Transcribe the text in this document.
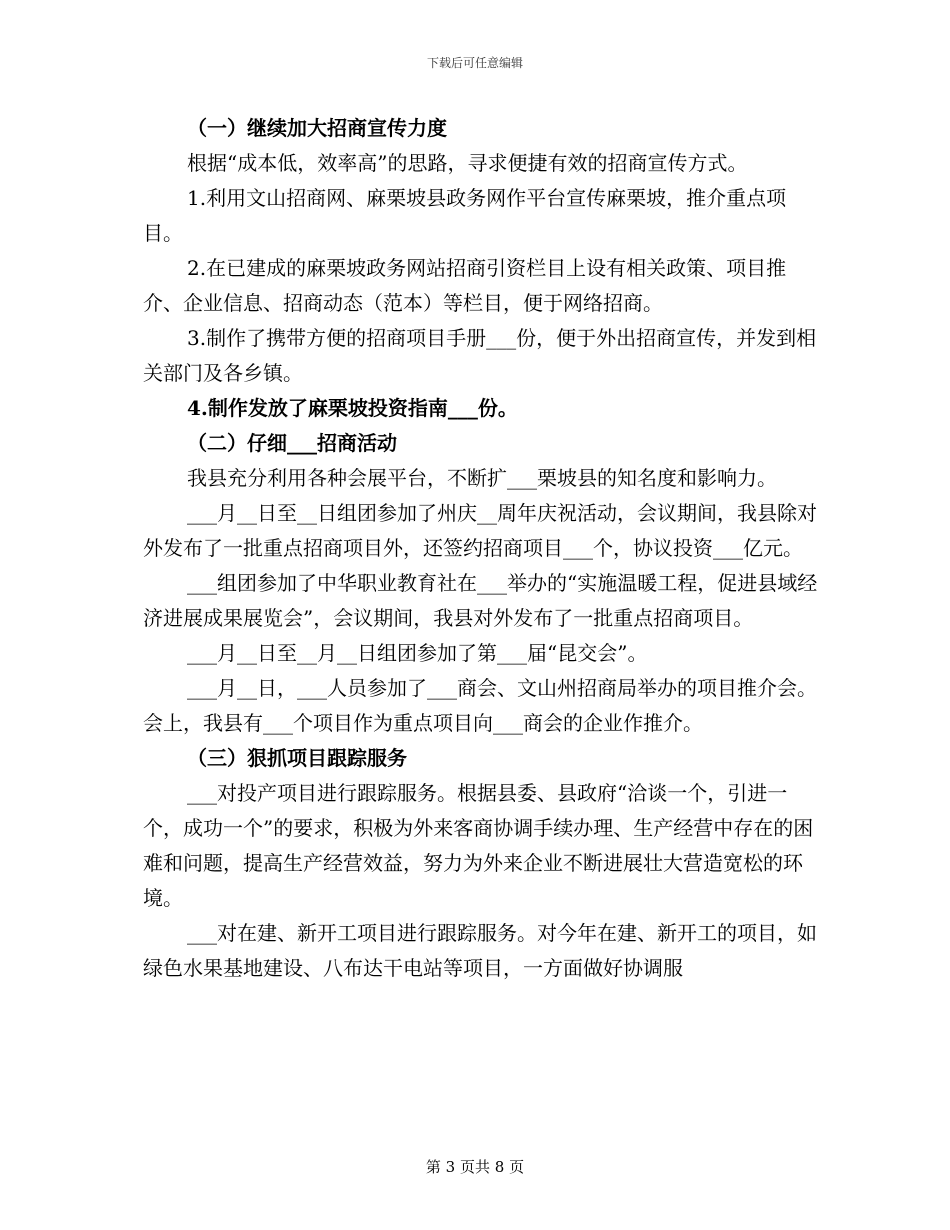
下载后可任意编辑

（一）继续加大招商宣传力度

根据“成本低，效率高”的思路，寻求便捷有效的招商宣传方式。

1.利用文山招商网、麻栗坡县政务网作平台宣传麻栗坡，推介重点项目。

2.在已建成的麻栗坡政务网站招商引资栏目上设有相关政策、项目推介、企业信息、招商动态（范本）等栏目，便于网络招商。

3.制作了携带方便的招商项目手册___份，便于外出招商宣传，并发到相关部门及各乡镇。

4.制作发放了麻栗坡投资指南___份。

（二）仔细___招商活动

我县充分利用各种会展平台，不断扩___栗坡县的知名度和影响力。

___月__日至__日组团参加了州庆__周年庆祝活动，会议期间，我县除对外发布了一批重点招商项目外，还签约招商项目___个，协议投资___亿元。

___组团参加了中华职业教育社在___举办的“实施温暖工程，促进县域经济进展成果展览会”，会议期间，我县对外发布了一批重点招商项目。

___月__日至__月__日组团参加了第___届“昆交会”。

___月__日，___人员参加了___商会、文山州招商局举办的项目推介会。会上，我县有___个项目作为重点项目向___商会的企业作推介。

（三）狠抓项目跟踪服务

___对投产项目进行跟踪服务。根据县委、县政府“洽谈一个，引进一个，成功一个”的要求，积极为外来客商协调手续办理、生产经营中存在的困难和问题，提高生产经营效益，努力为外来企业不断进展壮大营造宽松的环境。

___对在建、新开工项目进行跟踪服务。对今年在建、新开工的项目，如绿色水果基地建设、八布达干电站等项目，一方面做好协调服

第 3 页共 8 页
